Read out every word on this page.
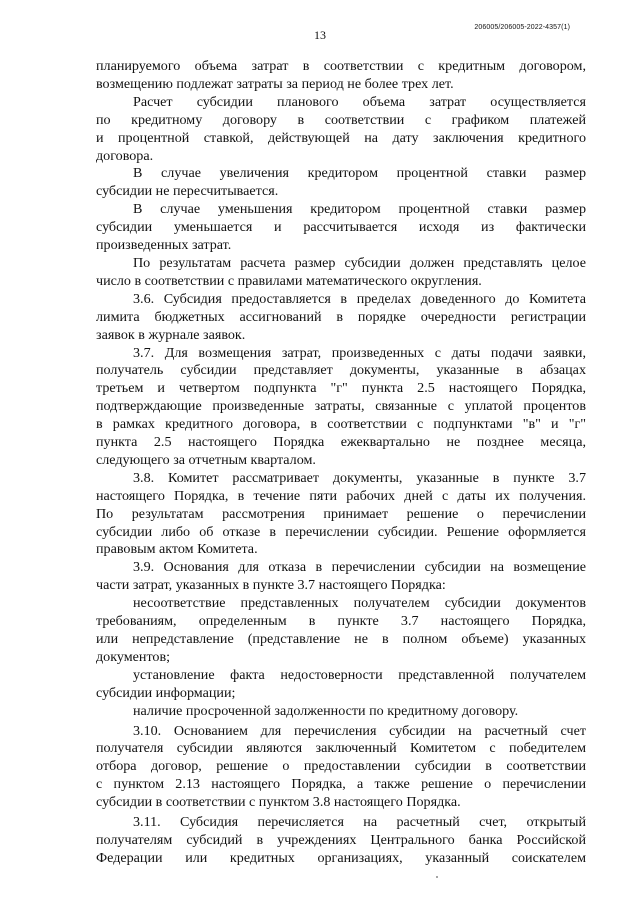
13
206005/206005-2022-4357(1)
планируемого объема затрат в соответствии с кредитным договором,
возмещению подлежат затраты за период не более трех лет.
Расчет субсидии планового объема затрат осуществляется
по кредитному договору в соответствии с графиком платежей
и процентной ставкой, действующей на дату заключения кредитного
договора.
В случае увеличения кредитором процентной ставки размер
субсидии не пересчитывается.
В случае уменьшения кредитором процентной ставки размер
субсидии уменьшается и рассчитывается исходя из фактически
произведенных затрат.
По результатам расчета размер субсидии должен представлять целое
число в соответствии с правилами математического округления.
3.6. Субсидия предоставляется в пределах доведенного до Комитета
лимита бюджетных ассигнований в порядке очередности регистрации
заявок в журнале заявок.
3.7. Для возмещения затрат, произведенных с даты подачи заявки,
получатель субсидии представляет документы, указанные в абзацах
третьем и четвертом подпункта "г" пункта 2.5 настоящего Порядка,
подтверждающие произведенные затраты, связанные с уплатой процентов
в рамках кредитного договора, в соответствии с подпунктами "в" и "г"
пункта 2.5 настоящего Порядка ежеквартально не позднее месяца,
следующего за отчетным кварталом.
3.8. Комитет рассматривает документы, указанные в пункте 3.7
настоящего Порядка, в течение пяти рабочих дней с даты их получения.
По результатам рассмотрения принимает решение о перечислении
субсидии либо об отказе в перечислении субсидии. Решение оформляется
правовым актом Комитета.
3.9. Основания для отказа в перечислении субсидии на возмещение
части затрат, указанных в пункте 3.7 настоящего Порядка:
несоответствие представленных получателем субсидии документов
требованиям, определенным в пункте 3.7 настоящего Порядка,
или непредставление (представление не в полном объеме) указанных
документов;
установление факта недостоверности представленной получателем
субсидии информации;
наличие просроченной задолженности по кредитному договору.
3.10. Основанием для перечисления субсидии на расчетный счет
получателя субсидии являются заключенный Комитетом с победителем
отбора договор, решение о предоставлении субсидии в соответствии
с пунктом 2.13 настоящего Порядка, а также решение о перечислении
субсидии в соответствии с пунктом 3.8 настоящего Порядка.
3.11. Субсидия перечисляется на расчетный счет, открытый
получателям субсидий в учреждениях Центрального банка Российской
Федерации или кредитных организациях, указанный соискателем
